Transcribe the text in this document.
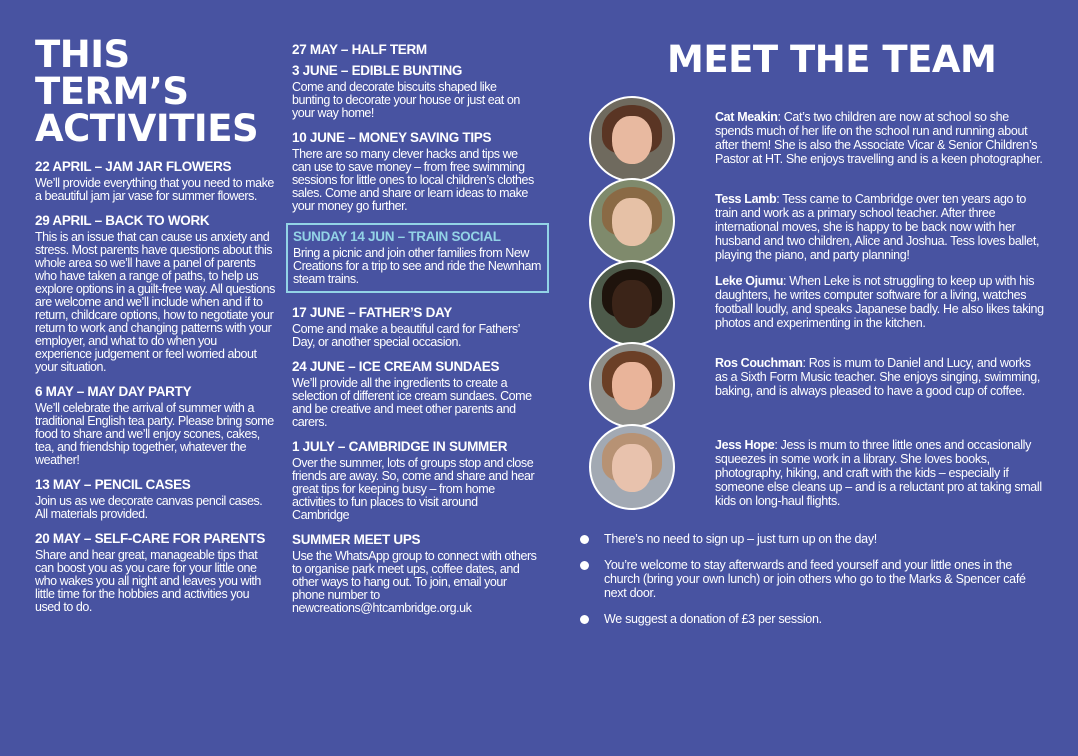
THIS
TERM’S
ACTIVITIES
22 APRIL – JAM JAR FLOWERS
We’ll provide everything that you need to make a beautiful jam jar vase for summer flowers.
29 APRIL – BACK TO WORK
This is an issue that can cause us anxiety and stress. Most parents have questions about this whole area so we’ll have a panel of parents who have taken a range of paths, to help us explore options in a guilt-free way. All questions are welcome and we’ll include when and if to return, childcare options, how to negotiate your return to work and changing patterns with your employer, and what to do when you experience judgement or feel worried about your situation.
6 MAY – MAY DAY PARTY
We’ll celebrate the arrival of summer with a traditional English tea party. Please bring some food to share and we’ll enjoy scones, cakes, tea, and friendship together, whatever the weather!
13 MAY – PENCIL CASES
Join us as we decorate canvas pencil cases. All materials provided.
20 MAY – SELF-CARE FOR PARENTS
Share and hear great, manageable tips that can boost you as you care for your little one who wakes you all night and leaves you with little time for the hobbies and activities you used to do.
27 MAY – HALF TERM
3 JUNE – EDIBLE BUNTING
Come and decorate biscuits shaped like bunting to decorate your house or just eat on your way home!
10 JUNE – MONEY SAVING TIPS
There are so many clever hacks and tips we can use to save money – from free swimming sessions for little ones to local children’s clothes sales. Come and share or learn ideas to make your money go further.
SUNDAY 14 JUN – TRAIN SOCIAL
Bring a picnic and join other families from New Creations for a trip to see and ride the Newnham steam trains.
17 JUNE – FATHER’S DAY
Come and make a beautiful card for Fathers’ Day, or another special occasion.
24 JUNE – ICE CREAM SUNDAES
We’ll provide all the ingredients to create a selection of different ice cream sundaes. Come and be creative and meet other parents and carers.
1 JULY – CAMBRIDGE IN SUMMER
Over the summer, lots of groups stop and close friends are away. So, come and share and hear great tips for keeping busy – from home activities to fun places to visit around Cambridge
SUMMER MEET UPS
Use the WhatsApp group to connect with others to organise park meet ups, coffee dates, and other ways to hang out. To join, email your phone number to newcreations@htcambridge.org.uk
MEET THE TEAM
Cat Meakin: Cat’s two children are now at school so she spends much of her life on the school run and running about after them! She is also the Associate Vicar & Senior Children’s Pastor at HT. She enjoys travelling and is a keen photographer.
Tess Lamb: Tess came to Cambridge over ten years ago to train and work as a primary school teacher. After three international moves, she is happy to be back now with her husband and two children, Alice and Joshua. Tess loves ballet, playing the piano, and party planning!
Leke Ojumu: When Leke is not struggling to keep up with his daughters, he writes computer software for a living, watches football loudly, and speaks Japanese badly. He also likes taking photos and experimenting in the kitchen.
Ros Couchman: Ros is mum to Daniel and Lucy, and works as a Sixth Form Music teacher. She enjoys singing, swimming, baking, and is always pleased to have a good cup of coffee.
Jess Hope: Jess is mum to three little ones and occasionally squeezes in some work in a library. She loves books, photography, hiking, and craft with the kids – especially if someone else cleans up – and is a reluctant pro at taking small kids on long-haul flights.
There’s no need to sign up – just turn up on the day!
You’re welcome to stay afterwards and feed yourself and your little ones in the church (bring your own lunch) or join others who go to the Marks & Spencer café next door.
We suggest a donation of £3 per session.
